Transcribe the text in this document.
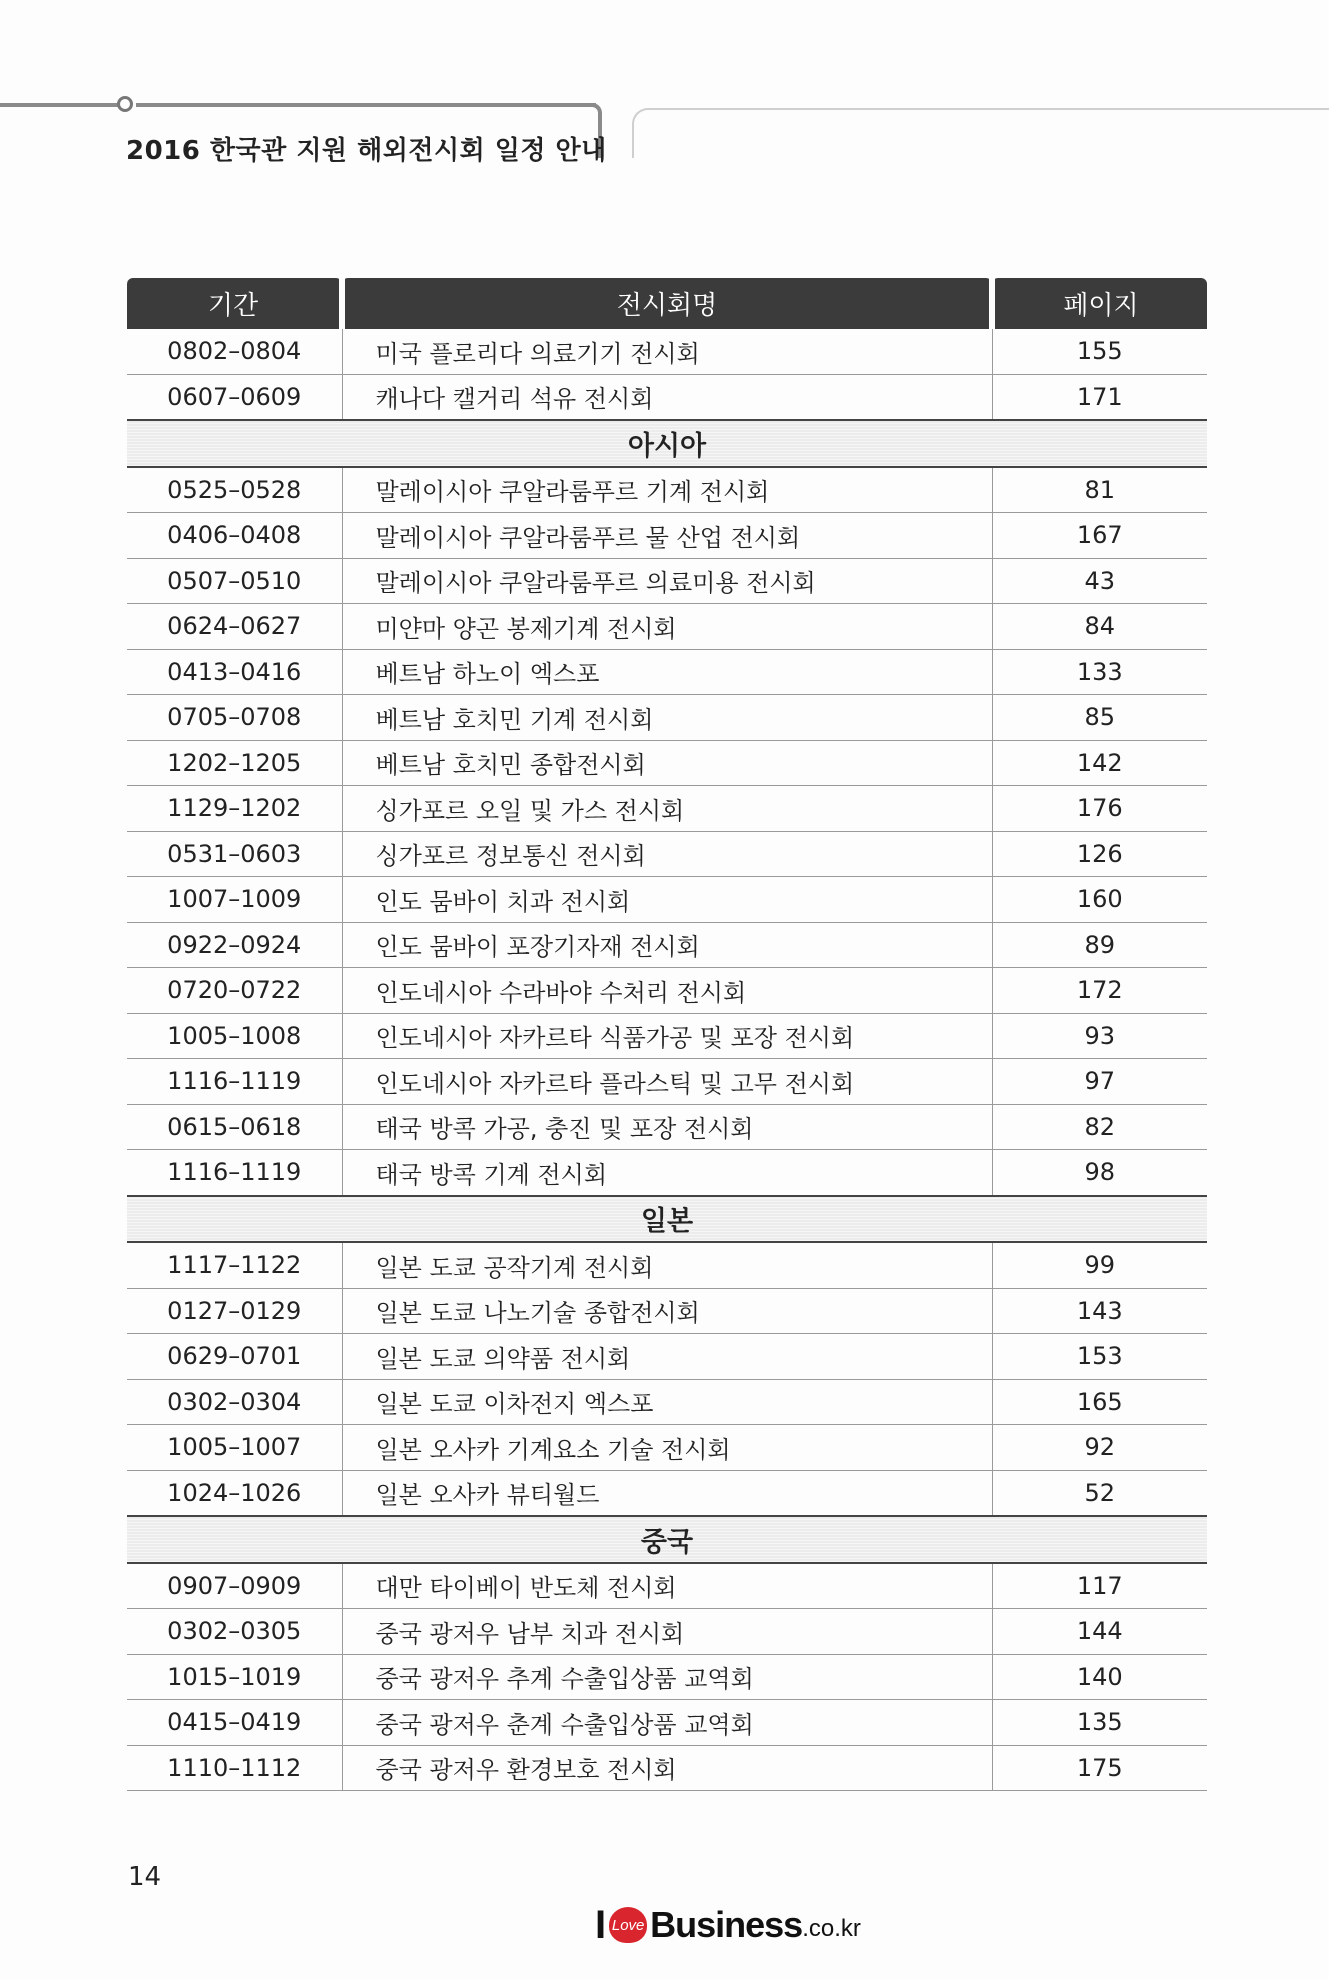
2016 한국관 지원 해외전시회 일정 안내
기간	전시회명	페이지
0802–0804	미국 플로리다 의료기기 전시회	155
0607–0609	캐나다 캘거리 석유 전시회	171
아시아		
0525–0528	말레이시아 쿠알라룸푸르 기계 전시회	81
0406–0408	말레이시아 쿠알라룸푸르 물 산업 전시회	167
0507–0510	말레이시아 쿠알라룸푸르 의료미용 전시회	43
0624–0627	미얀마 양곤 봉제기계 전시회	84
0413–0416	베트남 하노이 엑스포	133
0705–0708	베트남 호치민 기계 전시회	85
1202–1205	베트남 호치민 종합전시회	142
1129–1202	싱가포르 오일 및 가스 전시회	176
0531–0603	싱가포르 정보통신 전시회	126
1007–1009	인도 뭄바이 치과 전시회	160
0922–0924	인도 뭄바이 포장기자재 전시회	89
0720–0722	인도네시아 수라바야 수처리 전시회	172
1005–1008	인도네시아 자카르타 식품가공 및 포장 전시회	93
1116–1119	인도네시아 자카르타 플라스틱 및 고무 전시회	97
0615–0618	태국 방콕 가공, 충진 및 포장 전시회	82
1116–1119	태국 방콕 기계 전시회	98
일본		
1117–1122	일본 도쿄 공작기계 전시회	99
0127–0129	일본 도쿄 나노기술 종합전시회	143
0629–0701	일본 도쿄 의약품 전시회	153
0302–0304	일본 도쿄 이차전지 엑스포	165
1005–1007	일본 오사카 기계요소 기술 전시회	92
1024–1026	일본 오사카 뷰티월드	52
중국		
0907–0909	대만 타이베이 반도체 전시회	117
0302–0305	중국 광저우 남부 치과 전시회	144
1015–1019	중국 광저우 추계 수출입상품 교역회	140
0415–0419	중국 광저우 춘계 수출입상품 교역회	135
1110–1112	중국 광저우 환경보호 전시회	175
14
I Love Business .co.kr
